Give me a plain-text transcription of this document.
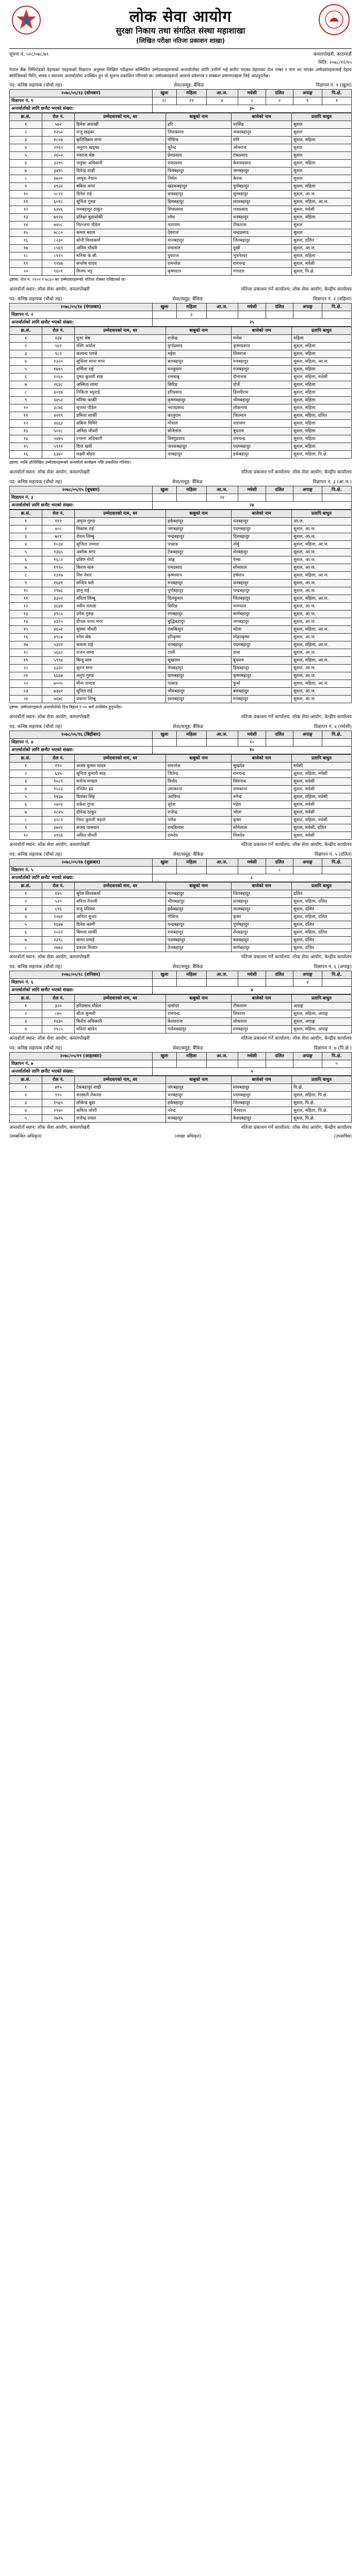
लोक सेवा आयोग
सुरक्षा निकाय तथा संगठित संस्था महाशाखा
(लिखित परीक्षा नतिजा प्रकाशन शाखा)
सूचना नं. ५२८/०७८/७९	कमलपोखरी, काठमाडौं
मिति: २०७८/११/१५
नेपाल बैंक लिमिटेडको देहायका पदहरूको विज्ञापन अनुसार लिखित परीक्षामा सम्मिलित उम्मेदवारहरूमध्ये अन्तर्वार्ताका लागि उत्तीर्ण भई छनौट भएका देहायका रोल नम्बर र नाम थर भएका उम्मेदवारहरूलाई देहाय बमोजिमको मिति, समय र स्थानमा अन्तर्वार्तामा उपस्थित हुन यो सूचना प्रकाशित गरिएको छ। उम्मेदवारहरूले आफ्नो प्रवेशपत्र र सक्कल प्रमाणपत्रहरू लिई आउनुपर्नेछ।
पद: कनिष्ठ सहायक (चौथो तह)	सेवा/समूह: बैंकिङ	विज्ञापन नं. १ (खुला)
२०७८/०५/१३ (सोमबार)	खुला	महिला	आ.ज.	मधेसी	दलित	अपाङ्ग	पि.क्षे.
विज्ञापन नं. १	२८	११	७	५	२	१	१
अन्तर्वार्ताको लागि छनौट भएको संख्या:	३०						
क्र.सं.	रोल नं.	उम्मेदवारको नाम, थर	बाबुको नाम	बाजेको नाम	प्रतापि बाधुत
१	५७२	हिमेश अयाखी	हरि	नरसिंह	सुशल
२	१२५०	राजु खड्का	लिलकमल	भक्तबहादुर	सुशल
३	१८०७	कृतिविक्रम राणा	गोविन्द	मनि	सुशल, महिला
४	२१६५	अनुराग खड्का	सुरेन्द्र	ओमराज	सुशल
५	२६५२	नवराज श्रेष्ठ	प्रेमप्रसाद	टंकप्रसाद	सुशल
६	३२१५	जनुका अधिकारी	रामप्रसाद	केशवप्रसाद	सुशल, महिला
७	३४९५	दिपेन्द्र शाही	चित्रबहादुर	जगबहादुर	सुशल
८	४७२०	आयुश नेपाल	निर्मल	केशव	सुशल
९	४९३२	बबिता थापा	खडकबहादुर	पुर्णबहादुर	सुशल, महिला
१०	५८२१	दिनेश राई	छत्रबहादुर	सुरबहादुर	सुशल, आ.ज.
११	६०१८	सुनिता गुरुङ	हिमबहादुर	लालबहादुर	सुशल, महिला, आ.ज.
१२	६३४६	रामबहादुर ठाकुर	शिवप्रसाद	जयप्रसाद	सुशल, मधेसी
१३	७१२४	प्रतिक्षा बुढाथोकी	रमेश	धनबहादुर	सुशल, महिला
१४	७४५८	निरन्जना पौडेल	नारायण	टीकाराम	सुशल
१५	७८८०	कमल बराल	देवराज	चन्द्रप्रसाद	सुशल
१६	८२३२	सोनी विश्वकर्मा	मानबहादुर	जितबहादुर	सुशल, दलित
१७	८५६९	अनिल चौधरी	रामलाल	दुखी	सुशल, आ.ज.
१८	८९१५	मनिषा के.सी.	युवराज	भुवनेश्वर	सुशल, महिला
१९	९२४७	सन्तोष यादव	रामनरेश	रामचन्द्र	सुशल, मधेसी
२०	९६०१	विजय भट्ट	कृष्णदत्त	गंगादत्त	सुशल, पि.क्षे.
द्रष्टव्य: रोल नं. २१०२ र ७८६० का उम्मेदवारहरूको नतिजा रोक्का राखिएको छ।
अन्तर्वार्ता स्थान: लोक सेवा आयोग, कमलपोखरी	नतिजा प्रकाशन गर्ने कार्यालय: लोक सेवा आयोग, केन्द्रीय कार्यालय
पद: कनिष्ठ सहायक (चौथो तह)	सेवा/समूह: बैंकिङ	विज्ञापन नं. २ (महिला)
२०७८/०५/१४ (मंगलबार)	खुला	महिला	आ.ज.	मधेसी	दलित	अपाङ्ग	पि.क्षे.
विज्ञापन नं. २		३					
अन्तर्वार्ताको लागि छनौट भएको संख्या:	२५						
क्र.सं.	रोल नं.	उम्मेदवारको नाम, थर	बाबुको नाम	बाजेको नाम	प्रतापि बाधुत
१	२३४	पूजा श्रेष्ठ	राजेन्द्र	गणेश	महिला
२	५६१	रश्मि अर्याल	दुर्गाप्रसाद	कृष्णप्रसाद	सुशल, महिला
३	९८२	कल्पना पाण्डे	महेश	शिवराज	सुशल, महिला
४	१३२०	सुशिला थापा मगर	बलबहादुर	मनबहादुर	सुशल, महिला, आ.ज.
५	१७९५	शर्मिला राई	धनकुमार	गजबहादुर	सुशल, महिला
६	२२६०	पुष्पा कुमारी साह	रामबाबु	दीनानाथ	सुशल, महिला, मधेसी
७	२६३८	अस्मिता लामा	छिरिङ	दोर्जे	सुशल, महिला
८	३०९७	निकिता भट्टराई	हरिप्रसाद	डिल्लीराम	सुशल, महिला
९	३४५२	मनिषा कार्की	कृष्णबहादुर	भीमबहादुर	सुशल, महिला
१०	३८७६	सृजना पौडेल	भरतप्रसाद	लोकनाथ	सुशल, महिला
११	४२१९	प्रमिला सार्की	कालुराम	जितमान	सुशल, महिला, दलित
१२	४६६३	सबिना घिमिरे	गोपाल	नारायण	सुशल, महिला
१३	५०२८	अनिता चौधरी	सोनेलाल	बुधराम	सुशल, महिला
१४	५४७५	रन्जना अधिकारी	विष्णुप्रसाद	रामचन्द्र	सुशल, महिला
१५	५९१२	दिपा खत्री	जनकबहादुर	पदमबहादुर	सुशल, महिला
१६	६३४०	लक्ष्मी बोहरा	नरबहादुर	हर्कबहादुर	सुशल, महिला, पि.क्षे.
द्रष्टव्य: माथि उल्लिखित उम्मेदवारहरूको अन्तर्वार्ता कार्यक्रम पछि प्रकाशित गरिनेछ।
अन्तर्वार्ता स्थान: लोक सेवा आयोग, कमलपोखरी	नतिजा प्रकाशन गर्ने कार्यालय: लोक सेवा आयोग, केन्द्रीय कार्यालय
पद: कनिष्ठ सहायक (चौथो तह)	सेवा/समूह: बैंकिङ	विज्ञापन नं. ३ (आ.ज.)
२०७८/०५/१५ (बुधबार)	खुला	महिला	आ.ज.	मधेसी	दलित	अपाङ्ग	पि.क्षे.
विज्ञापन नं. ३			२४				
अन्तर्वार्ताको लागि छनौट भएको संख्या:	२४						
क्र.सं.	रोल नं.	उम्मेदवारको नाम, थर	बाबुको नाम	बाजेको नाम	प्रतापि बाधुत
१	११२	अमृता गुरुङ	हर्कबहादुर	धनबहादुर	आ.ज.
२	४०८	विकास राई	जंगबहादुर	पदमबहादुर	सुशल, आ.ज.
३	७२१	रोशन लिम्बू	चन्द्रबहादुर	दिलबहादुर	सुशल, आ.ज.
४	१०३४	सुजिता तामाङ	पासाङ	नोर्बु	सुशल, महिला, आ.ज.
५	१३६५	अशोक मगर	टेकबहादुर	शेरबहादुर	सुशल, आ.ज.
६	१६८२	प्रविण शेर्पा	आङ्ग	पेम्बा	सुशल, आ.ज.
७	१९९०	किरण थारु	रामप्रसाद	सोमलाल	सुशल, आ.ज.
८	२३१७	निरु नेवार	कृष्णमान	हर्षमान	सुशल, महिला, आ.ज.
९	२६४१	सन्दिप घले	मनबहादुर	धनबहादुर	सुशल, आ.ज.
१०	२९७६	ज्ञानु राई	पुर्णबहादुर	चन्द्रबहादुर	सुशल, आ.ज.
११	३३०२	सरिता लिम्बू	दिलकुमार	जितबहादुर	सुशल, महिला, आ.ज.
१२	३६४४	नवीन तामाङ	छिरिङ	नाम्ग्याल	सुशल, आ.ज.
१३	३९८०	उमेश गुरुङ	रणबहादुर	कर्णबहादुर	सुशल, आ.ज.
१४	४३१५	दीपक थापा मगर	बुद्धिबहादुर	जगबहादुर	सुशल, आ.ज.
१५	४६५२	सुषमा चौधरी	रामकिसुन	भोला	सुशल, महिला, आ.ज.
१६	४९८७	रमेश श्रेष्ठ	हरिकृष्ण	मोहनकृष्ण	सुशल, आ.ज.
१७	५३२१	कमला राई	धनबहादुर	पदमबहादुर	सुशल, महिला, आ.ज.
१८	५६६०	राजन लामा	टासी	दावा	सुशल, आ.ज.
१९	५९९४	बिन्दु थारु	सुखराम	बुधराम	सुशल, महिला, आ.ज.
२०	६३३०	सुरज मगर	मेघबहादुर	हिमबहादुर	सुशल, आ.ज.
२१	६६६७	अनुप गुरुङ	यामबहादुर	कृष्णबहादुर	सुशल, आ.ज.
२२	७००५	मीना तामाङ	पासाङ	फुर्बा	सुशल, महिला, आ.ज.
२३	७३४२	सुनिल राई	भीमबहादुर	बलबहादुर	सुशल, आ.ज.
२४	७६७८	प्रकाश लिम्बू	हस्तबहादुर	मनबहादुर	सुशल, आ.ज.
द्रष्टव्य: उम्मेदवारहरूले अन्तर्वार्ताको दिन बिहान ९:०० बजे उपस्थित हुनुपर्नेछ।
अन्तर्वार्ता स्थान: लोक सेवा आयोग, कमलपोखरी	नतिजा प्रकाशन गर्ने कार्यालय: लोक सेवा आयोग, केन्द्रीय कार्यालय
पद: कनिष्ठ सहायक (चौथो तह)	सेवा/समूह: बैंकिङ	विज्ञापन नं. ४ (मधेसी)
२०७८/०५/१६ (बिहीबार)	खुला	महिला	आ.ज.	मधेसी	दलित	अपाङ्ग	पि.क्षे.
विज्ञापन नं. ४				१०			
अन्तर्वार्ताको लागि छनौट भएको संख्या:	१०						
क्र.सं.	रोल नं.	उम्मेदवारको नाम, थर	बाबुको नाम	बाजेको नाम	प्रतापि बाधुत
१	२१०	अजय कुमार यादव	रामनरेश	सुखदेव	मधेसी
२	६४५	सुनिता कुमारी साह	जितेन्द्र	रामचन्द्र	सुशल, महिला, मधेसी
३	१०८९	मनोज मण्डल	विनोद	शिवनाथ	सुशल, मधेसी
४	१५२३	रञ्जित झा	उमाकान्त	रामकान्त	सुशल, मधेसी
५	१९६७	प्रियंका सिंह	अरविन्द	नगेन्द्र	सुशल, महिला, मधेसी
६	२४०१	राकेश गुप्ता	सुरेश	महेश	सुशल, मधेसी
७	२८४५	दीपेन्द्र ठाकुर	राजेन्द्र	भोला	सुशल, मधेसी
८	३२८९	निशा कुमारी महतो	गणेश	कृष्ण	सुशल, महिला, मधेसी
९	३७२२	संजय पासवान	रामविलास	सोनेलाल	सुशल, मधेसी, दलित
१०	४१६६	अमित चौधरी	रामदेव	शिवदेव	सुशल, मधेसी
अन्तर्वार्ता स्थान: लोक सेवा आयोग, कमलपोखरी	नतिजा प्रकाशन गर्ने कार्यालय: लोक सेवा आयोग, केन्द्रीय कार्यालय
पद: कनिष्ठ सहायक (चौथो तह)	सेवा/समूह: बैंकिङ	विज्ञापन नं. ५ (दलित)
२०७८/०५/१७ (शुक्रबार)	खुला	महिला	आ.ज.	मधेसी	दलित	अपाङ्ग	पि.क्षे.
विज्ञापन नं. ५					८		
अन्तर्वार्ताको लागि छनौट भएको संख्या:	८						
क्र.सं.	रोल नं.	उम्मेदवारको नाम, थर	बाबुको नाम	बाजेको नाम	प्रतापि बाधुत
१	१४५	सुरेश विश्वकर्मा	मानबहादुर	जितबहादुर	दलित
२	५२०	सरिता नेपाली	भीमबहादुर	धनबहादुर	सुशल, महिला, दलित
३	८९६	राजु परियार	हर्कबहादुर	लालबहादुर	सुशल, दलित
४	१२७१	अनिता सुनार	गोविन्द	कृष्ण	सुशल, महिला, दलित
५	१६४७	दिनेश कामी	चन्द्रबहादुर	पुर्णबहादुर	सुशल, दलित
६	२०२२	बिमला सार्की	रामबहादुर	शेरबहादुर	सुशल, महिला, दलित
७	२३९८	सागर दमाई	पदमबहादुर	बलबहादुर	सुशल, दलित
८	२७७३	प्रकाश मिजार	तेजबहादुर	कर्णबहादुर	सुशल, दलित
अन्तर्वार्ता स्थान: लोक सेवा आयोग, कमलपोखरी	नतिजा प्रकाशन गर्ने कार्यालय: लोक सेवा आयोग, केन्द्रीय कार्यालय
पद: कनिष्ठ सहायक (चौथो तह)	सेवा/समूह: बैंकिङ	विज्ञापन नं. ६ (अपाङ्ग)
२०७८/०५/१८ (शनिबार)	खुला	महिला	आ.ज.	मधेसी	दलित	अपाङ्ग	पि.क्षे.
विज्ञापन नं. ६						४	
अन्तर्वार्ताको लागि छनौट भएको संख्या:	४						
क्र.सं.	रोल नं.	उम्मेदवारको नाम, थर	बाबुको नाम	बाजेको नाम	प्रतापि बाधुत
१	३२०	हरिप्रसाद पौडेल	दामोदर	टीकाराम	अपाङ्ग
२	८७५	सीता कुमारी	रामचन्द्र	शिवराम	सुशल, महिला, अपाङ्ग
३	१४३०	विनोद अधिकारी	केशवराज	लोकराज	सुशल, अपाङ्ग
४	१९८५	मनिता बस्नेत	गणेशबहादुर	रणबहादुर	सुशल, महिला, अपाङ्ग
अन्तर्वार्ता स्थान: लोक सेवा आयोग, कमलपोखरी	नतिजा प्रकाशन गर्ने कार्यालय: लोक सेवा आयोग, केन्द्रीय कार्यालय
पद: कनिष्ठ सहायक (चौथो तह)	सेवा/समूह: बैंकिङ	विज्ञापन नं. ७ (पि.क्षे.)
२०७८/०५/१९ (आइतबार)	खुला	महिला	आ.ज.	मधेसी	दलित	अपाङ्ग	पि.क्षे.
विज्ञापन नं. ७							५
अन्तर्वार्ताको लागि छनौट भएको संख्या:	५						
क्र.सं.	रोल नं.	उम्मेदवारको नाम, थर	बाबुको नाम	बाजेको नाम	प्रतापि बाधुत
१	४१५	टेकबहादुर शाही	जंगबहादुर	मानबहादुर	पि.क्षे.
२	९९०	सरस्वती रोकाया	धनबहादुर	पदमबहादुर	सुशल, महिला, पि.क्षे.
३	१५६५	लोकेन्द्र बुढा	हर्कबहादुर	जितबहादुर	सुशल, पि.क्षे.
४	२१४०	कविता जोशी	नरेन्द्र	भैरवदत्त	सुशल, महिला, पि.क्षे.
५	२७१५	राजेन्द्र रावल	मनबहादुर	केशरबहादुर	सुशल, पि.क्षे.
अन्तर्वार्ता स्थान: लोक सेवा आयोग, कमलपोखरी	नतिजा प्रकाशन गर्ने कार्यालय: लोक सेवा आयोग, केन्द्रीय कार्यालय
(सम्बन्धित अधिकृत)	(शाखा अधिकृत)	(उपसचिव)
